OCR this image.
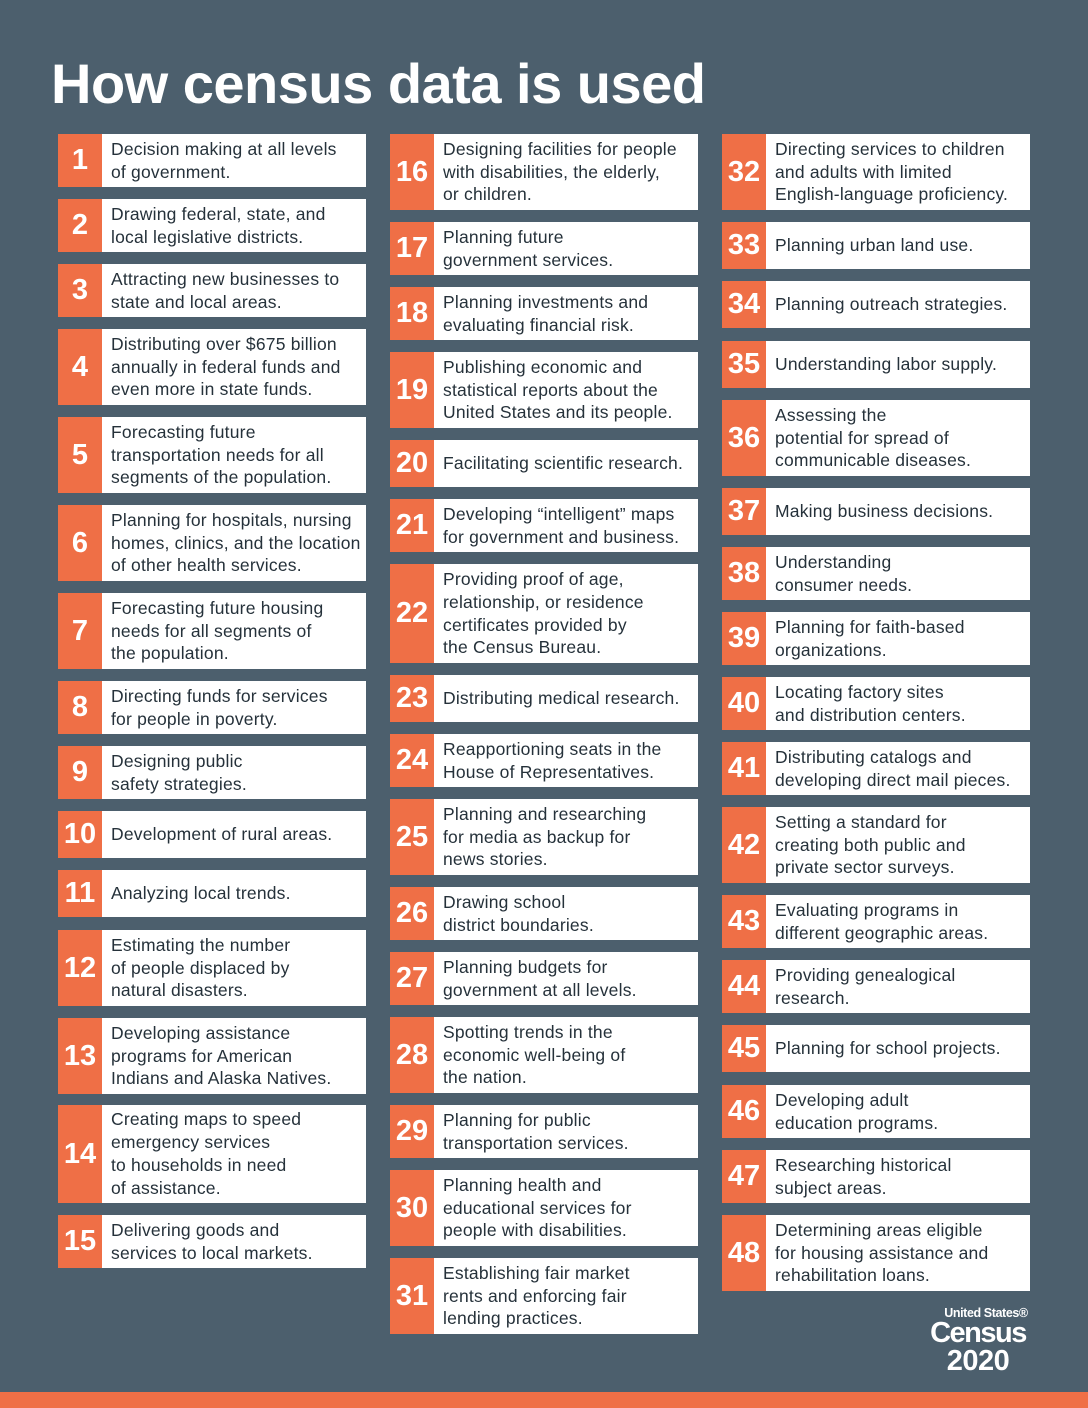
How census data is used
1	Decision making at all levels
of government.
2	Drawing federal, state, and
local legislative districts.
3	Attracting new businesses to
state and local areas.
4
Distributing over $675 billion
annually in federal funds and
even more in state funds.
5
Forecasting future
transportation needs for all
segments of the population.
6
Planning for hospitals, nursing
homes, clinics, and the location
of other health services.
7
Forecasting future housing
needs for all segments of
the population.
8	Directing funds for services
for people in poverty.
9	Designing public
safety strategies.
10 Development of rural areas.
11 Analyzing local trends.
12
Estimating the number
of people displaced by
natural disasters.
13
Developing assistance
programs for American
Indians and Alaska Natives.
14
Creating maps to speed
emergency services
to households in need
of assistance.
15 Delivering goods and
services to local markets.
16
Designing facilities for people
with disabilities, the elderly,
or children.
17 Planning future
government services.
18 Planning investments and
evaluating financial risk.
19
Publishing economic and
statistical reports about the
United States and its people.
20 Facilitating scientific research.
21 Developing “intelligent” maps
for government and business.
22
Providing proof of age,
relationship, or residence
certificates provided by
the Census Bureau.
23 Distributing medical research.
24 Reapportioning seats in the
House of Representatives.
25
Planning and researching
for media as backup for
news stories.
26 Drawing school
district boundaries.
27 Planning budgets for
government at all levels.
28
Spotting trends in the
economic well-being of
the nation.
29 Planning for public
transportation services.
30
Planning health and
educational services for
people with disabilities.
31
Establishing fair market
rents and enforcing fair
lending practices.
32
Directing services to children
and adults with limited
English-language proficiency.
33 Planning urban land use.
34 Planning outreach strategies.
35 Understanding labor supply.
36
Assessing the
potential for spread of
communicable diseases.
37 Making business decisions.
38 Understanding
consumer needs.
39 Planning for faith-based
organizations.
40 Locating factory sites
and distribution centers.
41 Distributing catalogs and
developing direct mail pieces.
42
Setting a standard for
creating both public and
private sector surveys.
43 Evaluating programs in
different geographic areas.
44 Providing genealogical
research.
45 Planning for school projects.
46 Developing adult
education programs.
47 Researching historical
subject areas.
48
Determining areas eligible
for housing assistance and
rehabilitation loans.
United States®
Census
2020
